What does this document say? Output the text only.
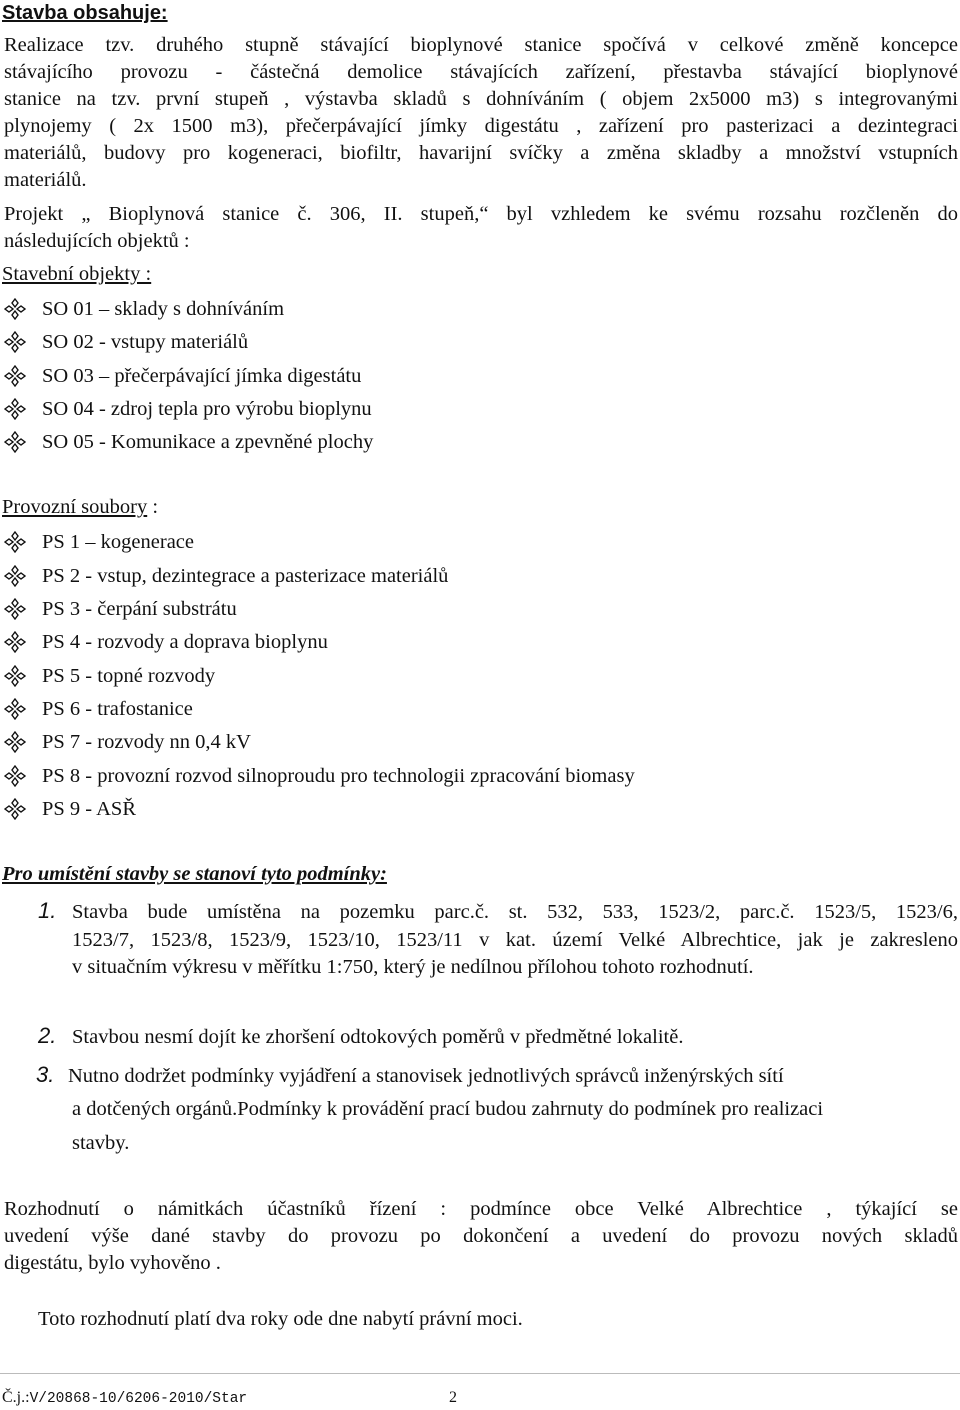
Stavba obsahuje:
Realizace tzv. druhého stupně stávající bioplynové stanice spočívá v celkové změně koncepce
stávajícího provozu - částečná demolice stávajících zařízení, přestavba stávající bioplynové
stanice na tzv. první stupeň , výstavba skladů s dohníváním ( objem 2x5000 m3) s integrovanými
plynojemy ( 2x 1500 m3), přečerpávající jímky digestátu , zařízení pro pasterizaci a dezintegraci
materiálů, budovy pro kogeneraci, biofiltr, havarijní svíčky a změna skladby a množství vstupních
materiálů.
Projekt „ Bioplynová stanice č. 306, II. stupeň,“ byl vzhledem ke svému rozsahu rozčleněn do
následujících objektů :
Stavební objekty :
SO 01 – sklady s dohníváním
SO 02 - vstupy materiálů
SO 03 – přečerpávající jímka digestátu
SO 04 - zdroj tepla pro výrobu bioplynu
SO 05 - Komunikace a zpevněné plochy
Provozní soubory :
PS 1 – kogenerace
PS 2 - vstup, dezintegrace a pasterizace materiálů
PS 3 - čerpání substrátu
PS 4 - rozvody a doprava bioplynu
PS 5 - topné rozvody
PS 6 - trafostanice
PS 7 - rozvody nn 0,4 kV
PS 8 - provozní rozvod silnoproudu pro technologii zpracování biomasy
PS 9 - ASŘ
Pro umístění stavby se stanoví tyto podmínky:
1. Stavba bude umístěna na pozemku parc.č. st. 532, 533, 1523/2, parc.č. 1523/5, 1523/6,
1523/7, 1523/8, 1523/9, 1523/10, 1523/11 v kat. území Velké Albrechtice, jak je zakresleno
v situačním výkresu v měřítku 1:750, který je nedílnou přílohou tohoto rozhodnutí.
2. Stavbou nesmí dojít ke zhoršení odtokových poměrů v předmětné lokalitě.
3. Nutno dodržet podmínky vyjádření a stanovisek jednotlivých správců inženýrských sítí
a dotčených orgánů.Podmínky k provádění prací budou zahrnuty do podmínek pro realizaci
stavby.
Rozhodnutí o námitkách účastníků řízení : podmínce obce Velké Albrechtice , týkající se
uvedení výše dané stavby do provozu po dokončení a uvedení do provozu nových skladů
digestátu, bylo vyhověno .
Toto rozhodnutí platí dva roky ode dne nabytí právní moci.
Č.j.:V/20868-10/6206-2010/Star	2
